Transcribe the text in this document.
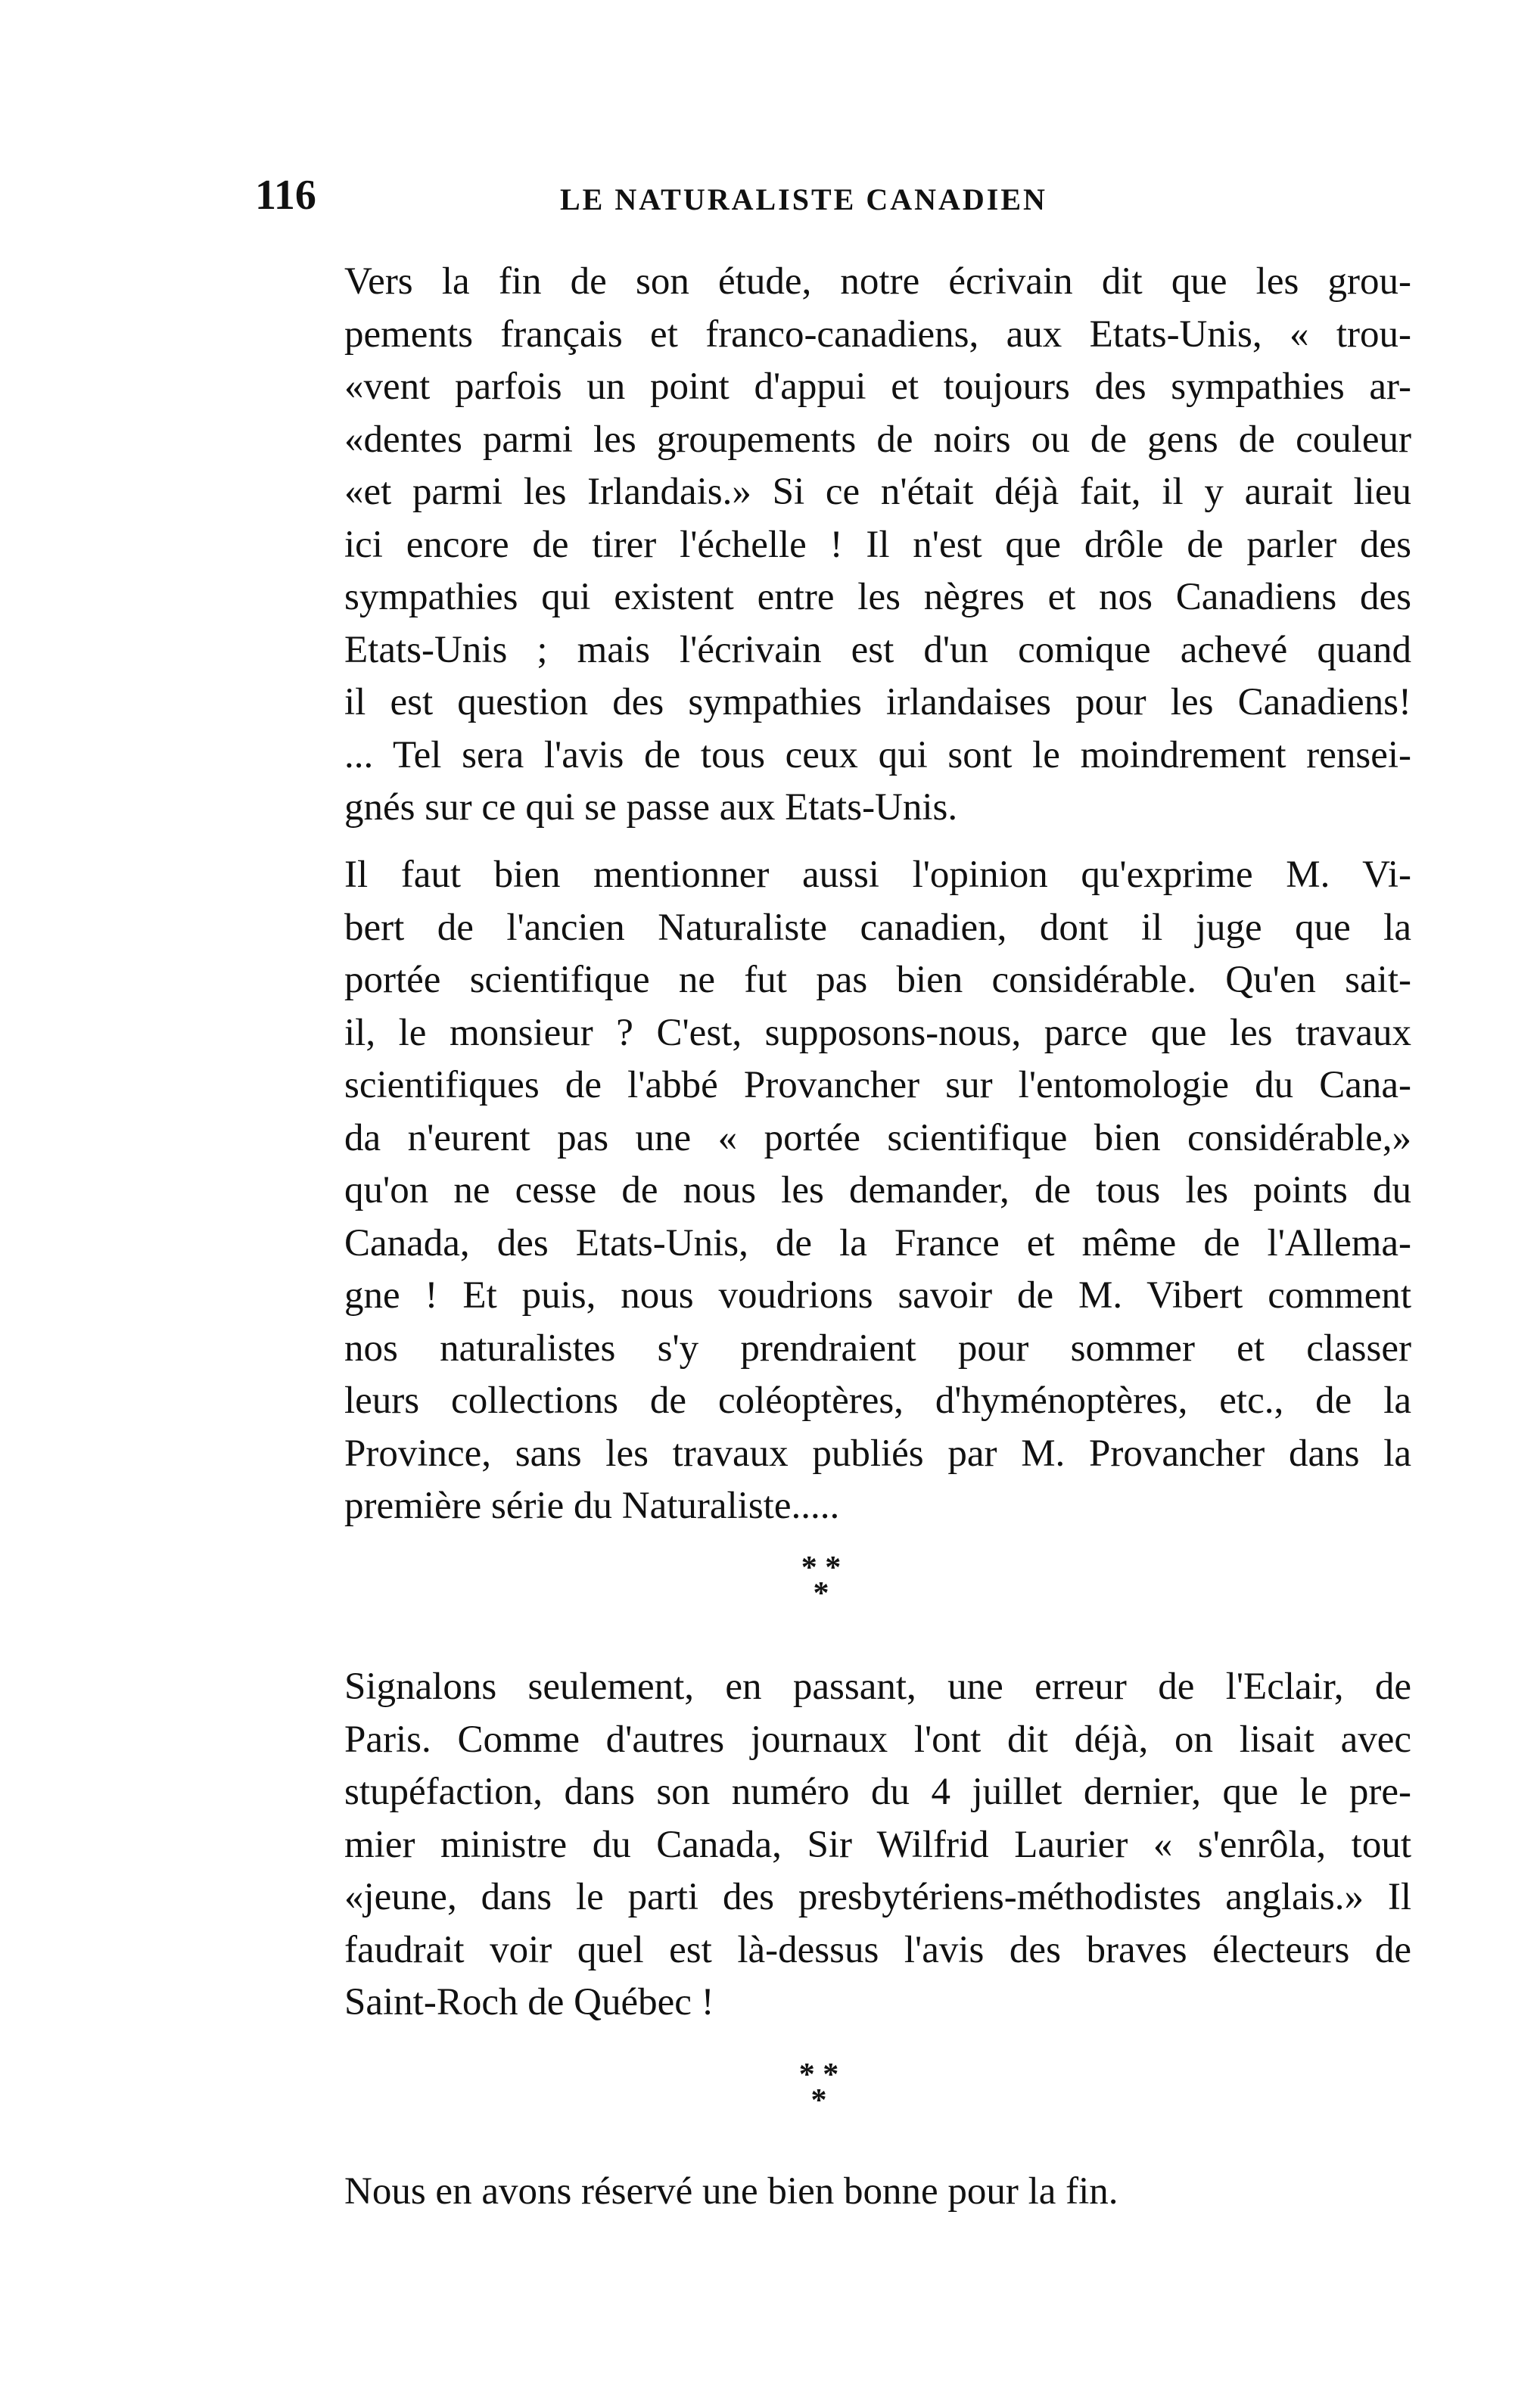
116	LE NATURALISTE CANADIEN

Vers la fin de son étude, notre écrivain dit que les grou-
pements français et franco-canadiens, aux Etats-Unis, « trou-
«vent parfois un point d'appui et toujours des sympathies ar-
«dentes parmi les groupements de noirs ou de gens de couleur
«et parmi les Irlandais.» Si ce n'était déjà fait, il y aurait lieu
ici encore de tirer l'échelle ! Il n'est que drôle de parler des
sympathies qui existent entre les nègres et nos Canadiens des
Etats-Unis ; mais l'écrivain est d'un comique achevé quand
il est question des sympathies irlandaises pour les Canadiens!
... Tel sera l'avis de tous ceux qui sont le moindrement rensei-
gnés sur ce qui se passe aux Etats-Unis.

Il faut bien mentionner aussi l'opinion qu'exprime M. Vi-
bert de l'ancien Naturaliste canadien, dont il juge que la
portée scientifique ne fut pas bien considérable. Qu'en sait-
il, le monsieur ? C'est, supposons-nous, parce que les travaux
scientifiques de l'abbé Provancher sur l'entomologie du Cana-
da n'eurent pas une « portée scientifique bien considérable,»
qu'on ne cesse de nous les demander, de tous les points du
Canada, des Etats-Unis, de la France et même de l'Allema-
gne ! Et puis, nous voudrions savoir de M. Vibert comment
nos naturalistes s'y prendraient pour sommer et classer
leurs collections de coléoptères, d'hyménoptères, etc., de la
Province, sans les travaux publiés par M. Provancher dans la
première série du Naturaliste.....

* *
*

Signalons seulement, en passant, une erreur de l'Eclair, de
Paris. Comme d'autres journaux l'ont dit déjà, on lisait avec
stupéfaction, dans son numéro du 4 juillet dernier, que le pre-
mier ministre du Canada, Sir Wilfrid Laurier « s'enrôla, tout
«jeune, dans le parti des presbytériens-méthodistes anglais.» Il
faudrait voir quel est là-dessus l'avis des braves électeurs de
Saint-Roch de Québec !

* *
*

Nous en avons réservé une bien bonne pour la fin.
